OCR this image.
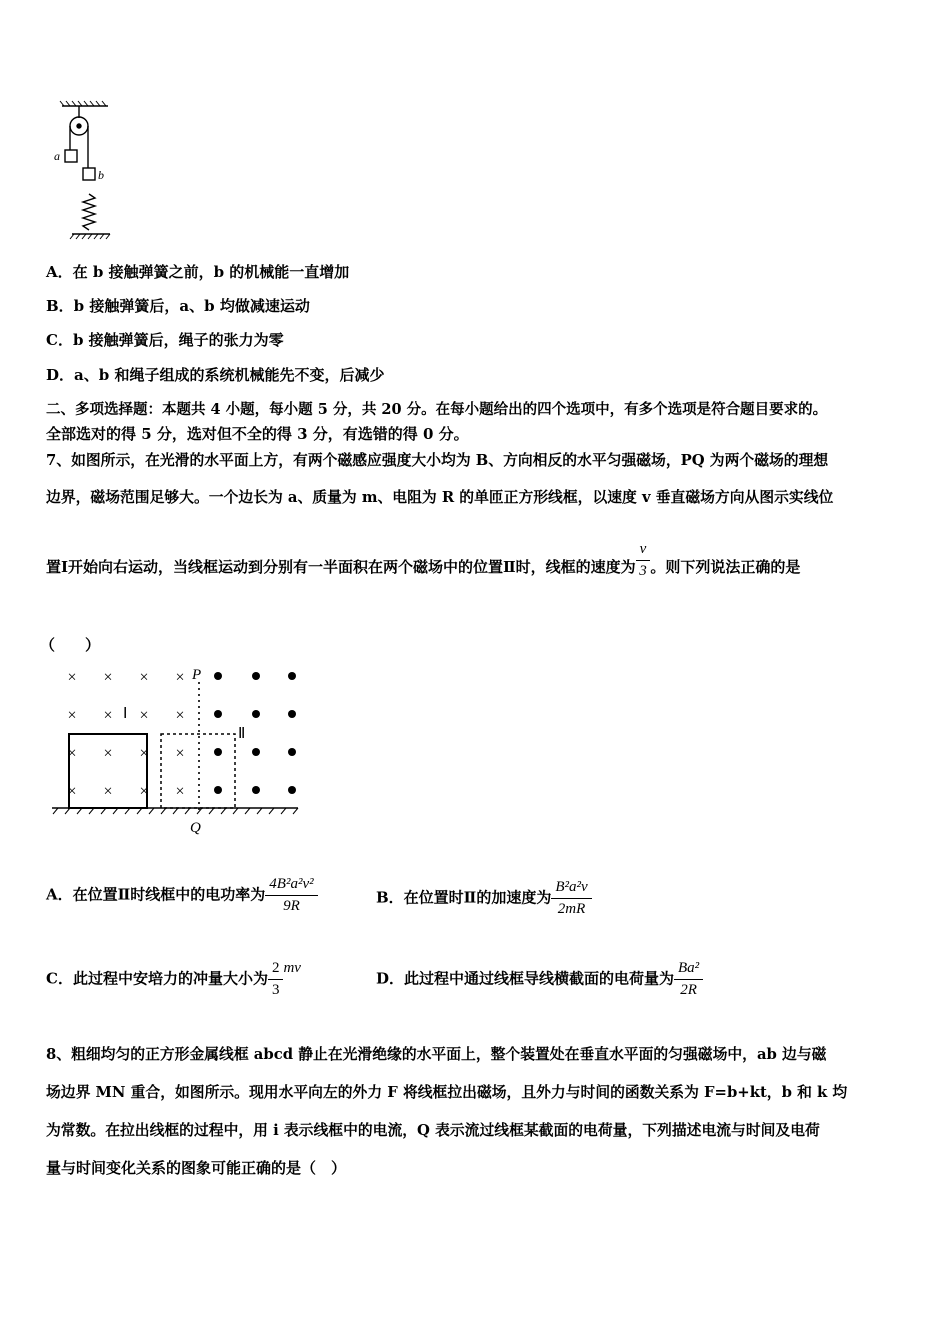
a
b
A．在 b 接触弹簧之前，b 的机械能一直增加
B．b 接触弹簧后，a、b 均做减速运动
C．b 接触弹簧后，绳子的张力为零
D．a、b 和绳子组成的系统机械能先不变，后减少
二、多项选择题：本题共 4 小题，每小题 5 分，共 20 分。在每小题给出的四个选项中，有多个选项是符合题目要求的。
全部选对的得 5 分，选对但不全的得 3 分，有选错的得 0 分。
7、如图所示，在光滑的水平面上方，有两个磁感应强度大小均为 B、方向相反的水平匀强磁场，PQ 为两个磁场的理想
边界，磁场范围足够大。一个边长为 a、质量为 m、电阻为 R 的单匝正方形线框，以速度 v 垂直磁场方向从图示实线位
置Ⅰ开始向右运动，当线框运动到分别有一半面积在两个磁场中的位置Ⅱ时，线框的速度为 $\frac{v}{3}$ 。则下列说法正确的是
（　　）
× × × ×
× × × ×
× × × ×
× × × ×
P
Q
Ⅰ
Ⅱ
A．在位置Ⅱ时线框中的电功率为 $\frac{\text{4B²a²v²}}{9R}$	B．在位置时Ⅱ的加速度为 $\frac{\text{B²a²v}}{2mR}$
C．此过程中安培力的冲量大小为 $\frac{2}{3}$ mv
D．此过程中通过线框导线横截面的电荷量为 $\frac{\text{Ba²}}{2R}$
8、粗细均匀的正方形金属线框 abcd 静止在光滑绝缘的水平面上，整个装置处在垂直水平面的匀强磁场中，ab 边与磁
场边界 MN 重合，如图所示。现用水平向左的外力 F 将线框拉出磁场，且外力与时间的函数关系为 F=b+kt，b 和 k 均
为常数。在拉出线框的过程中，用 i 表示线框中的电流，Q 表示流过线框某截面的电荷量，下列描述电流与时间及电荷
量与时间变化关系的图象可能正确的是（　）
